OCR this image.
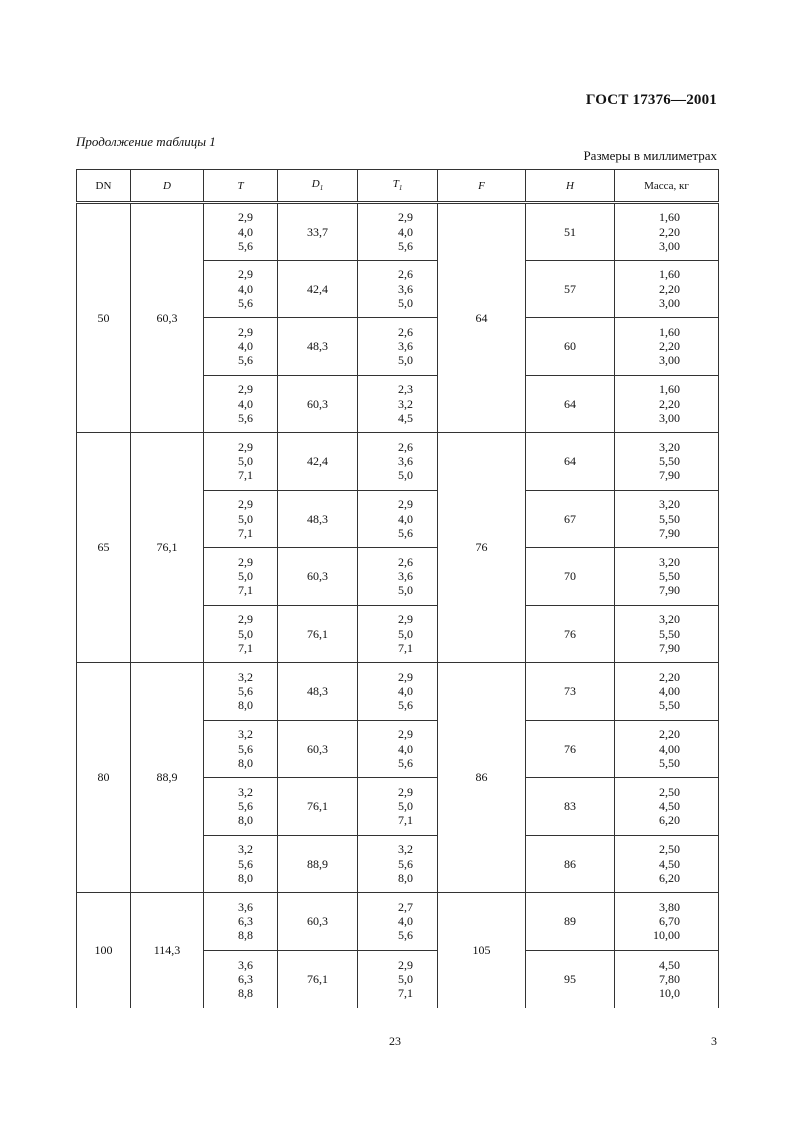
ГОСТ 17376—2001
Продолжение таблицы 1
Размеры в миллиметрах
DN	D	T	$D_1$	$T_1$	F	H	Масса, кг
50	60,3	2,9
4,0
5,6	33,7	2,9
4,0
5,6	64	51	1,60
2,20
3,00

		2,9
4,0
5,6	42,4	2,6
3,6
5,0		57	1,60
2,20
3,00

		2,9
4,0
5,6	48,3	2,6
3,6
5,0		60	1,60
2,20
3,00

		2,9
4,0
5,6	60,3	2,3
3,2
4,5		64	1,60
2,20
3,00

65	76,1	2,9
5,0
7,1	42,4	2,6
3,6
5,0	76	64	3,20
5,50
7,90

		2,9
5,0
7,1	48,3	2,9
4,0
5,6		67	3,20
5,50
7,90

		2,9
5,0
7,1	60,3	2,6
3,6
5,0		70	3,20
5,50
7,90

		2,9
5,0
7,1	76,1	2,9
5,0
7,1		76	3,20
5,50
7,90

80	88,9	3,2
5,6
8,0	48,3	2,9
4,0
5,6	86	73	2,20
4,00
5,50

		3,2
5,6
8,0	60,3	2,9
4,0
5,6		76	2,20
4,00
5,50

		3,2
5,6
8,0	76,1	2,9
5,0
7,1		83	2,50
4,50
6,20

		3,2
5,6
8,0	88,9	3,2
5,6
8,0		86	2,50
4,50
6,20

100	114,3	3,6
6,3
8,8	60,3	2,7
4,0
5,6	105	89	3,80
6,70
10,00

		3,6
6,3
8,8	76,1	2,9
5,0
7,1		95	4,50
7,80
10,0
23	3
